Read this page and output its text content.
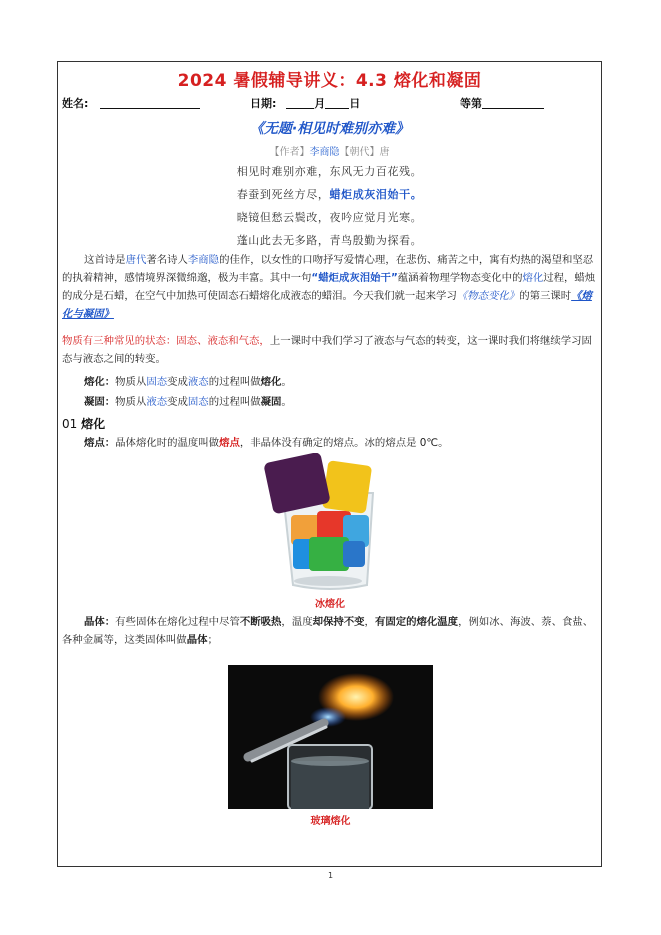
2024 暑假辅导讲义：4.3 熔化和凝固
姓名:	日期:	月 日	等第
《无题·相见时难别亦难》
【作者】李商隐【朝代】唐
相见时难别亦难，东风无力百花残。
春蚕到死丝方尽，蜡炬成灰泪始干。
晓镜但愁云鬓改，夜吟应觉月光寒。
蓬山此去无多路，青鸟殷勤为探看。
这首诗是唐代著名诗人李商隐的佳作，以女性的口吻抒写爱情心理，在悲伤、痛苦之中，寓有灼热的渴望和坚忍的执着精神，感情境界深微绵邈，极为丰富。其中一句“蜡炬成灰泪始干”蕴涵着物理学物态变化中的熔化过程，蜡烛的成分是石蜡，在空气中加热可使固态石蜡熔化成液态的蜡泪。今天我们就一起来学习《物态变化》的第三课时《熔化与凝固》
物质有三种常见的状态：固态、液态和气态，上一课时中我们学习了液态与气态的转变，这一课时我们将继续学习固态与液态之间的转变。
熔化：物质从固态变成液态的过程叫做熔化。
凝固：物质从液态变成固态的过程叫做凝固。
01 熔化
熔点：晶体熔化时的温度叫做熔点，非晶体没有确定的熔点。冰的熔点是 0℃。
冰熔化
晶体：有些固体在熔化过程中尽管不断吸热，温度却保持不变，有固定的熔化温度，例如冰、海波、萘、食盐、各种金属等，这类固体叫做晶体；
玻璃熔化
1
